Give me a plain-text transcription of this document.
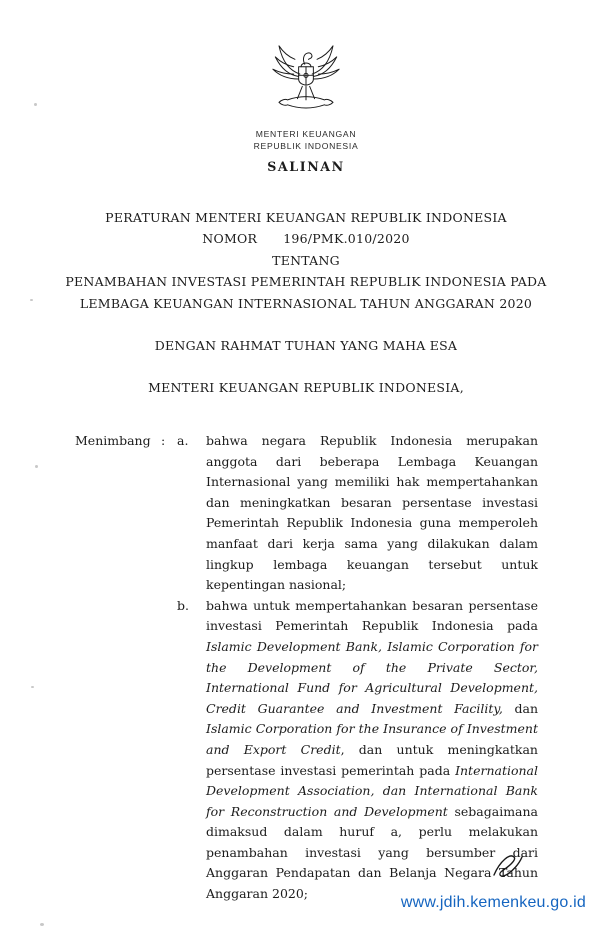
MENTERI KEUANGAN
REPUBLIK INDONESIA
SALINAN
PERATURAN MENTERI KEUANGAN REPUBLIK INDONESIA
NOMOR 196/PMK.010/2020
TENTANG
PENAMBAHAN INVESTASI PEMERINTAH REPUBLIK INDONESIA PADA
LEMBAGA KEUANGAN INTERNASIONAL TAHUN ANGGARAN 2020
DENGAN RAHMAT TUHAN YANG MAHA ESA
MENTERI KEUANGAN REPUBLIK INDONESIA,
Menimbang : a.	bahwa negara Republik Indonesia merupakan anggota dari beberapa Lembaga Keuangan Internasional yang memiliki hak mempertahankan dan meningkatkan besaran persentase investasi Pemerintah Republik Indonesia guna memperoleh manfaat dari kerja sama yang dilakukan dalam lingkup lembaga keuangan tersebut untuk kepentingan nasional;
b.	bahwa untuk mempertahankan besaran persentase investasi Pemerintah Republik Indonesia pada Islamic Development Bank, Islamic Corporation for the Development of the Private Sector, International Fund for Agricultural Development, Credit Guarantee and Investment Facility, dan Islamic Corporation for the Insurance of Investment and Export Credit, dan untuk meningkatkan persentase investasi pemerintah pada International Development Association, dan International Bank for Reconstruction and Development sebagaimana dimaksud dalam huruf a, perlu melakukan penambahan investasi yang bersumber dari Anggaran Pendapatan dan Belanja Negara Tahun Anggaran 2020;
www.jdih.kemenkeu.go.id
